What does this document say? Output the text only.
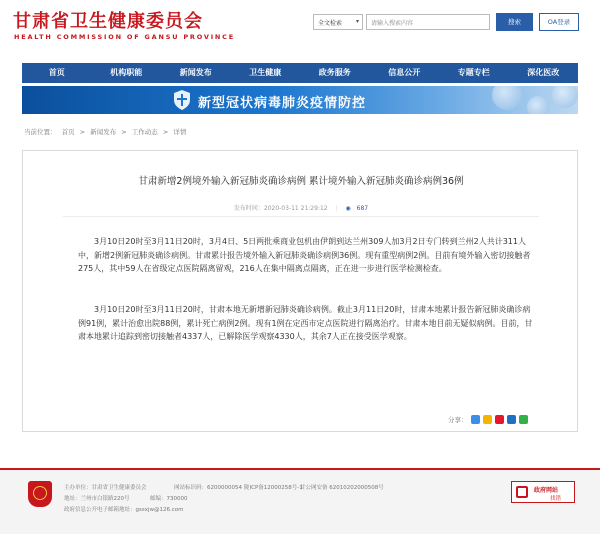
甘肃省卫生健康委员会
HEALTH COMMISSION OF GANSU PROVINCE
全文检索 ▾	请输入搜索内容	搜索	OA登录
首页	机构职能	新闻发布	卫生健康	政务服务	信息公开	专题专栏	深化医改
新型冠状病毒肺炎疫情防控
当前位置： 首页 > 新闻发布 > 工作动态 > 详情
甘肃新增2例境外输入新冠肺炎确诊病例 累计境外输入新冠肺炎确诊病例36例
发布时间：2020-03-11 21:29:12 | ◉ 687
3月10日20时至3月11日20时，3月4日、5日两批乘商业包机由伊朗到达兰州309人加3月2日专门转到兰州2人共计311人中，新增2例新冠肺炎确诊病例。甘肃累计报告境外输入新冠肺炎确诊病例36例。现有重型病例2例。目前有境外输入密切接触者275人，其中59人在省级定点医院隔离留观，216人在集中隔离点隔离，正在进一步进行医学检测检查。
3月10日20时至3月11日20时，甘肃本地无新增新冠肺炎确诊病例。截止3月11日20时，甘肃本地累计报告新冠肺炎确诊病例91例，累计治愈出院88例，累计死亡病例2例。现有1例在定西市定点医院进行隔离治疗。甘肃本地目前无疑似病例。目前，甘肃本地累计追踪到密切接触者4337人，已解除医学观察4330人，其余7人正在接受医学观察。
分享：
主办单位：甘肃省卫生健康委员会	网站标识码：6200000054 陇ICP备12000258号-1
甘公网安备 62010202000508号
地址：兰州市白银路220号	邮编：730000
政府信息公开电子邮箱地址：gssxjw@126.com
政府网站
找错
